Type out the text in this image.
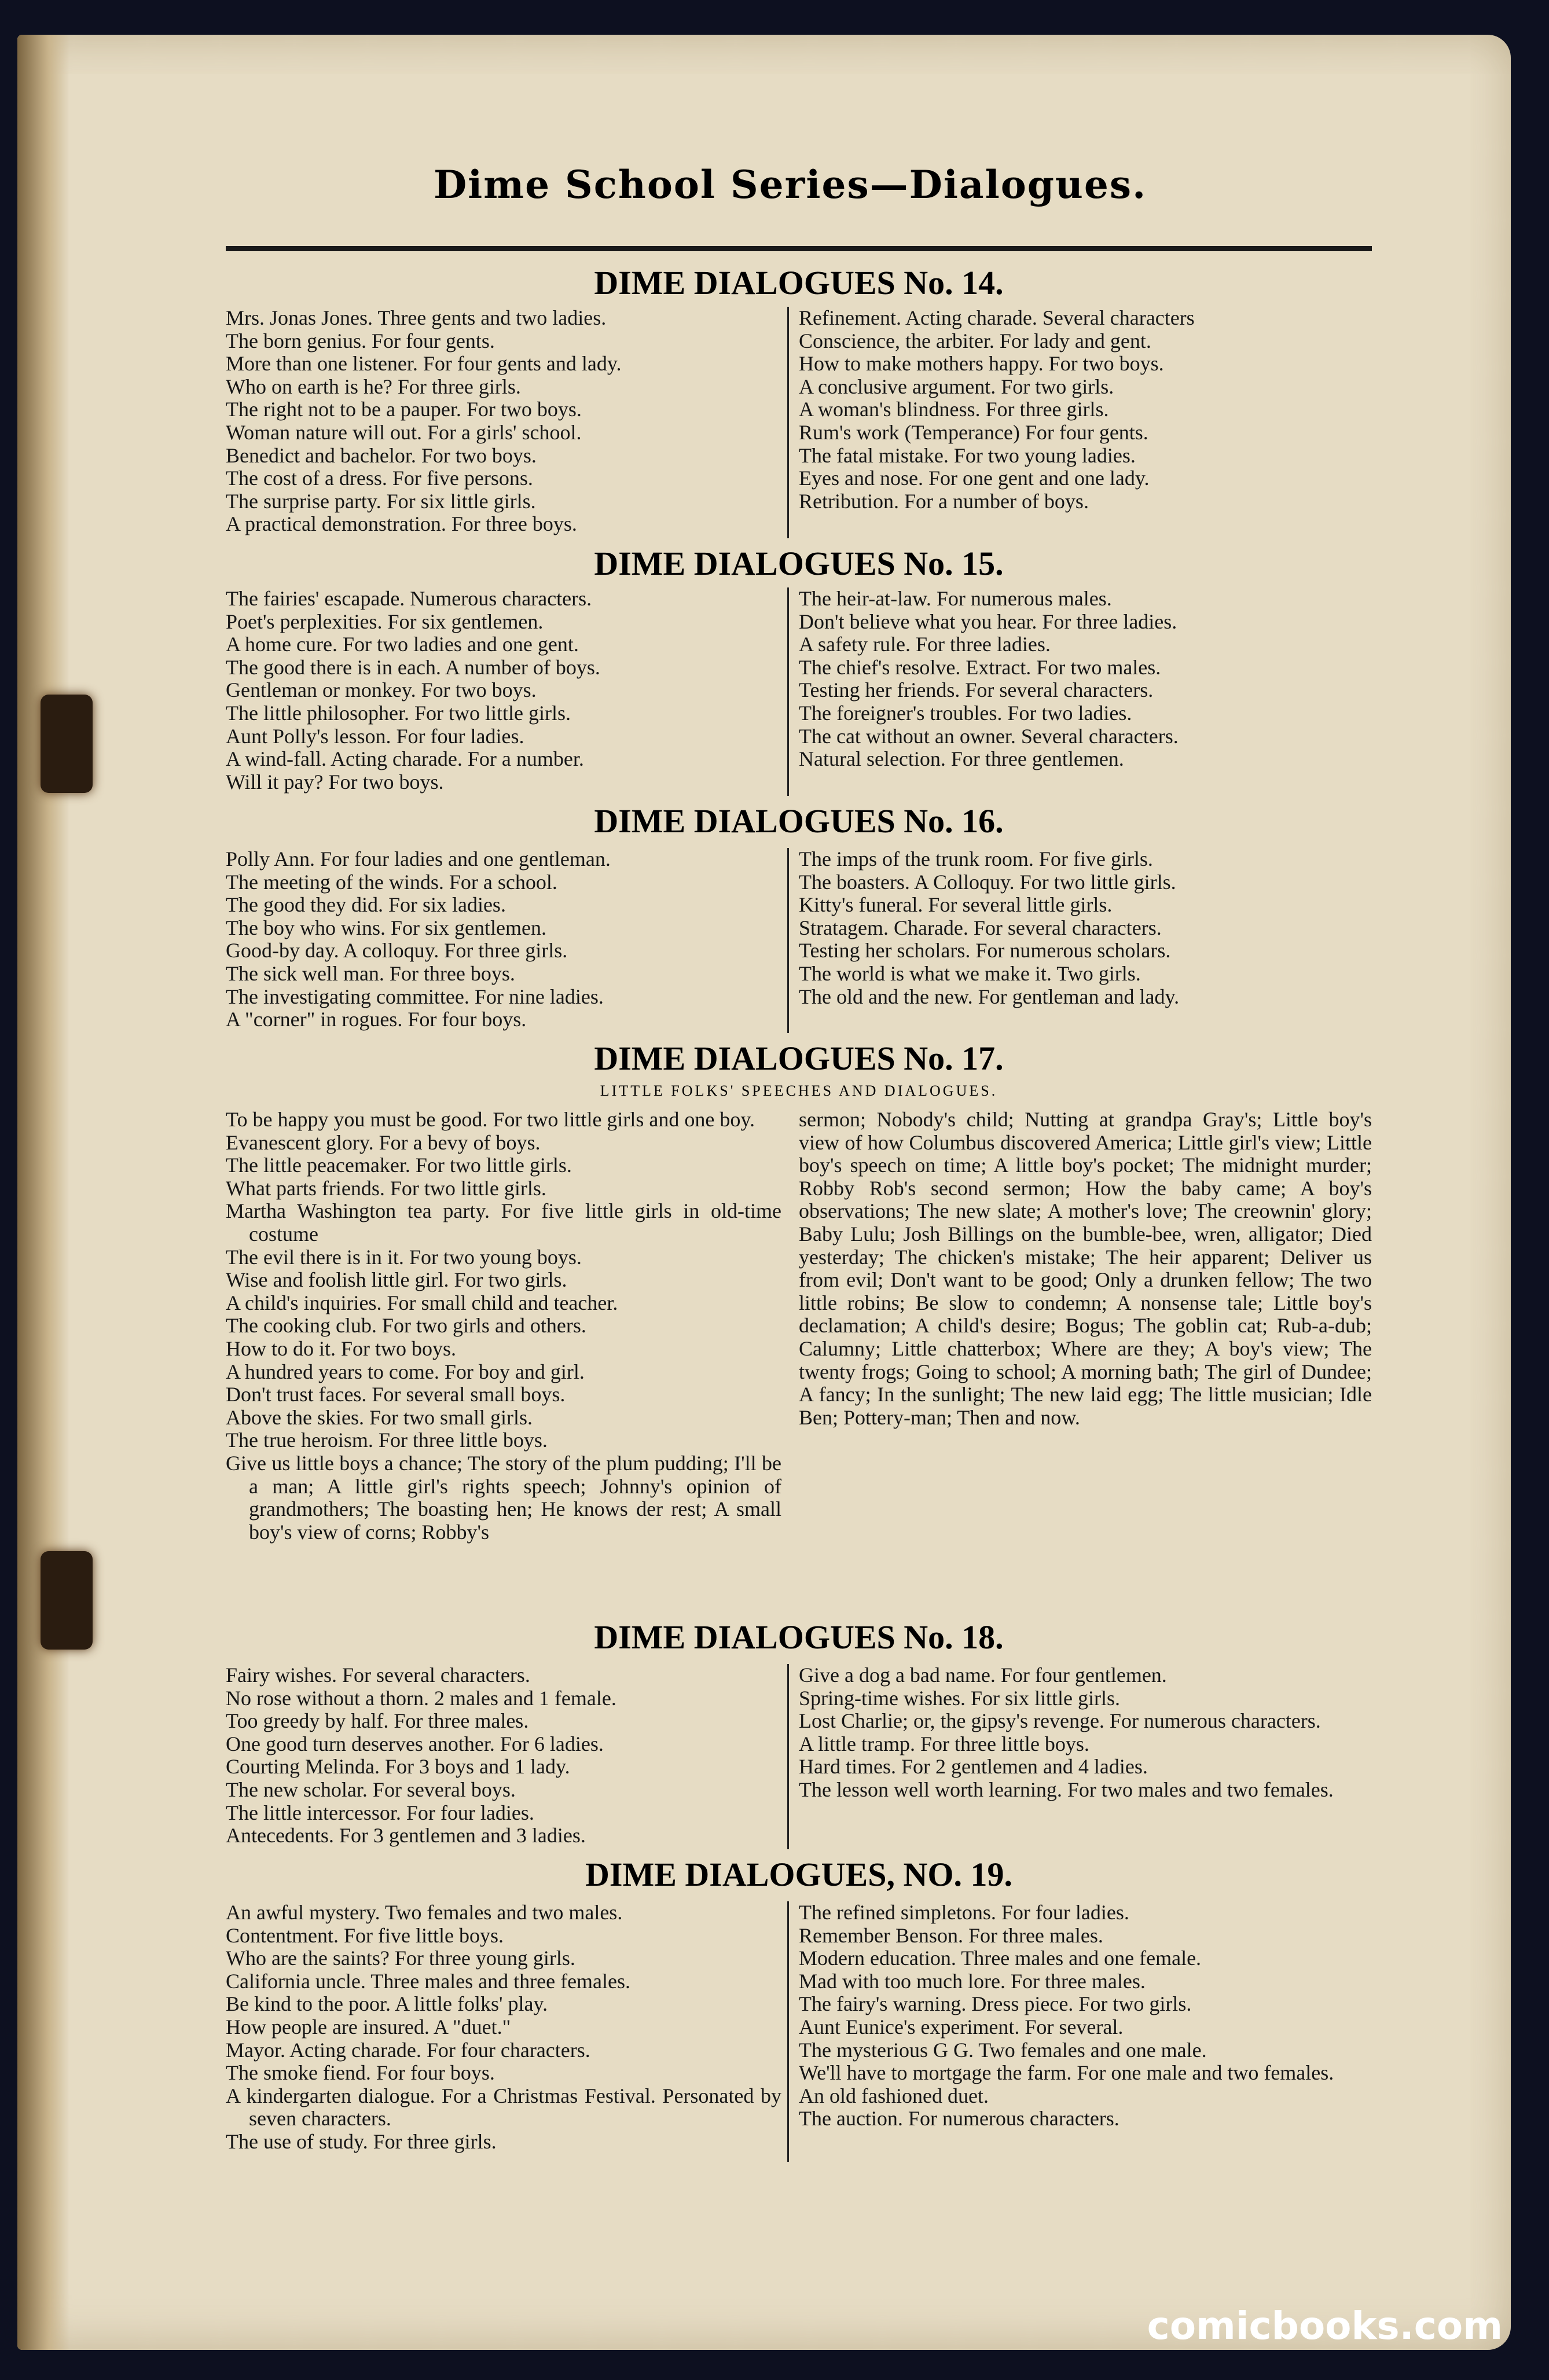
Dime School Series—Dialogues.
DIME DIALOGUES No. 14.
Mrs. Jonas Jones. Three gents and two ladies.
The born genius. For four gents.
More than one listener. For four gents and lady.
Who on earth is he? For three girls.
The right not to be a pauper. For two boys.
Woman nature will out. For a girls' school.
Benedict and bachelor. For two boys.
The cost of a dress. For five persons.
The surprise party. For six little girls.
A practical demonstration. For three boys.
Refinement. Acting charade. Several characters
Conscience, the arbiter. For lady and gent.
How to make mothers happy. For two boys.
A conclusive argument. For two girls.
A woman's blindness. For three girls.
Rum's work (Temperance) For four gents.
The fatal mistake. For two young ladies.
Eyes and nose. For one gent and one lady.
Retribution. For a number of boys.
DIME DIALOGUES No. 15.
The fairies' escapade. Numerous characters.
Poet's perplexities. For six gentlemen.
A home cure. For two ladies and one gent.
The good there is in each. A number of boys.
Gentleman or monkey. For two boys.
The little philosopher. For two little girls.
Aunt Polly's lesson. For four ladies.
A wind-fall. Acting charade. For a number.
Will it pay? For two boys.
The heir-at-law. For numerous males.
Don't believe what you hear. For three ladies.
A safety rule. For three ladies.
The chief's resolve. Extract. For two males.
Testing her friends. For several characters.
The foreigner's troubles. For two ladies.
The cat without an owner. Several characters.
Natural selection. For three gentlemen.
DIME DIALOGUES No. 16.
Polly Ann. For four ladies and one gentleman.
The meeting of the winds. For a school.
The good they did. For six ladies.
The boy who wins. For six gentlemen.
Good-by day. A colloquy. For three girls.
The sick well man. For three boys.
The investigating committee. For nine ladies.
A "corner" in rogues. For four boys.
The imps of the trunk room. For five girls.
The boasters. A Colloquy. For two little girls.
Kitty's funeral. For several little girls.
Stratagem. Charade. For several characters.
Testing her scholars. For numerous scholars.
The world is what we make it. Two girls.
The old and the new. For gentleman and lady.
DIME DIALOGUES No. 17.
LITTLE FOLKS' SPEECHES AND DIALOGUES.
To be happy you must be good. For two little girls and one boy.
Evanescent glory. For a bevy of boys.
The little peacemaker. For two little girls.
What parts friends. For two little girls.
Martha Washington tea party. For five little girls in old-time costume
The evil there is in it. For two young boys.
Wise and foolish little girl. For two girls.
A child's inquiries. For small child and teacher.
The cooking club. For two girls and others.
How to do it. For two boys.
A hundred years to come. For boy and girl.
Don't trust faces. For several small boys.
Above the skies. For two small girls.
The true heroism. For three little boys.
Give us little boys a chance; The story of the plum pudding; I'll be a man; A little girl's rights speech; Johnny's opinion of grandmothers; The boasting hen; He knows der rest; A small boy's view of corns; Robby's
sermon; Nobody's child; Nutting at grandpa Gray's; Little boy's view of how Columbus discovered America; Little girl's view; Little boy's speech on time; A little boy's pocket; The midnight murder; Robby Rob's second sermon; How the baby came; A boy's observations; The new slate; A mother's love; The creownin' glory; Baby Lulu; Josh Billings on the bumble-bee, wren, alligator; Died yesterday; The chicken's mistake; The heir apparent; Deliver us from evil; Don't want to be good; Only a drunken fellow; The two little robins; Be slow to condemn; A nonsense tale; Little boy's declamation; A child's desire; Bogus; The goblin cat; Rub-a-dub; Calumny; Little chatterbox; Where are they; A boy's view; The twenty frogs; Going to school; A morning bath; The girl of Dundee; A fancy; In the sunlight; The new laid egg; The little musician; Idle Ben; Pottery-man; Then and now.
DIME DIALOGUES No. 18.
Fairy wishes. For several characters.
No rose without a thorn. 2 males and 1 female.
Too greedy by half. For three males.
One good turn deserves another. For 6 ladies.
Courting Melinda. For 3 boys and 1 lady.
The new scholar. For several boys.
The little intercessor. For four ladies.
Antecedents. For 3 gentlemen and 3 ladies.
Give a dog a bad name. For four gentlemen.
Spring-time wishes. For six little girls.
Lost Charlie; or, the gipsy's revenge. For numerous characters.
A little tramp. For three little boys.
Hard times. For 2 gentlemen and 4 ladies.
The lesson well worth learning. For two males and two females.
DIME DIALOGUES, NO. 19.
An awful mystery. Two females and two males.
Contentment. For five little boys.
Who are the saints? For three young girls.
California uncle. Three males and three females.
Be kind to the poor. A little folks' play.
How people are insured. A "duet."
Mayor. Acting charade. For four characters.
The smoke fiend. For four boys.
A kindergarten dialogue. For a Christmas Festival. Personated by seven characters.
The use of study. For three girls.
The refined simpletons. For four ladies.
Remember Benson. For three males.
Modern education. Three males and one female.
Mad with too much lore. For three males.
The fairy's warning. Dress piece. For two girls.
Aunt Eunice's experiment. For several.
The mysterious G G. Two females and one male.
We'll have to mortgage the farm. For one male and two females.
An old fashioned duet.
The auction. For numerous characters.
comicbooks.com
